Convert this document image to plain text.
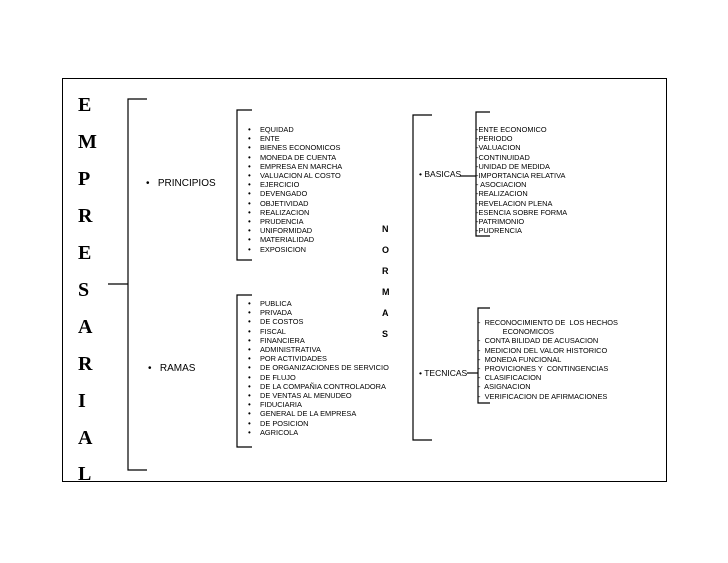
E
M
P
R
E
S
A
R
I
A
L
N
O
R
M
A
S
• PRINCIPIOS
• RAMAS
• BASICAS
• TECNICAS
• EQUIDAD
• ENTE
• BIENES ECONOMICOS
• MONEDA DE CUENTA
• EMPRESA EN MARCHA
• VALUACION AL COSTO
• EJERCICIO
• DEVENGADO
• OBJETIVIDAD
• REALIZACION
• PRUDENCIA
• UNIFORMIDAD
• MATERIALIDAD
• EXPOSICION
• PUBLICA
• PRIVADA
• DE COSTOS
• FISCAL
• FINANCIERA
• ADMINISTRATIVA
• POR ACTIVIDADES
• DE ORGANIZACIONES DE SERVICIO
• DE FLUJO
• DE LA COMPAÑIA CONTROLADORA
• DE VENTAS AL MENUDEO
• FIDUCIARIA
• GENERAL DE LA EMPRESA
• DE POSICION
• AGRICOLA
-ENTE ECONOMICO
-PERIODO
-VALUACION
-CONTINUIDAD
-UNIDAD DE MEDIDA
-IMPORTANCIA RELATIVA
- ASOCIACION
-REALIZACION
-REVELACION PLENA
-ESENCIA SOBRE FORMA
-PATRIMONIO
-PUDRENCIA
-  RECONOCIMIENTO DE  LOS HECHOS
ECONOMICOS
-  CONTA BILIDAD DE ACUSACION
-  MEDICION DEL VALOR HISTORICO
-  MONEDA FUNCIONAL
-  PROVICIONES Y  CONTINGENCIAS
-  CLASIFICACION
-  ASIGNACION
-  VERIFICACION DE AFIRMACIONES
